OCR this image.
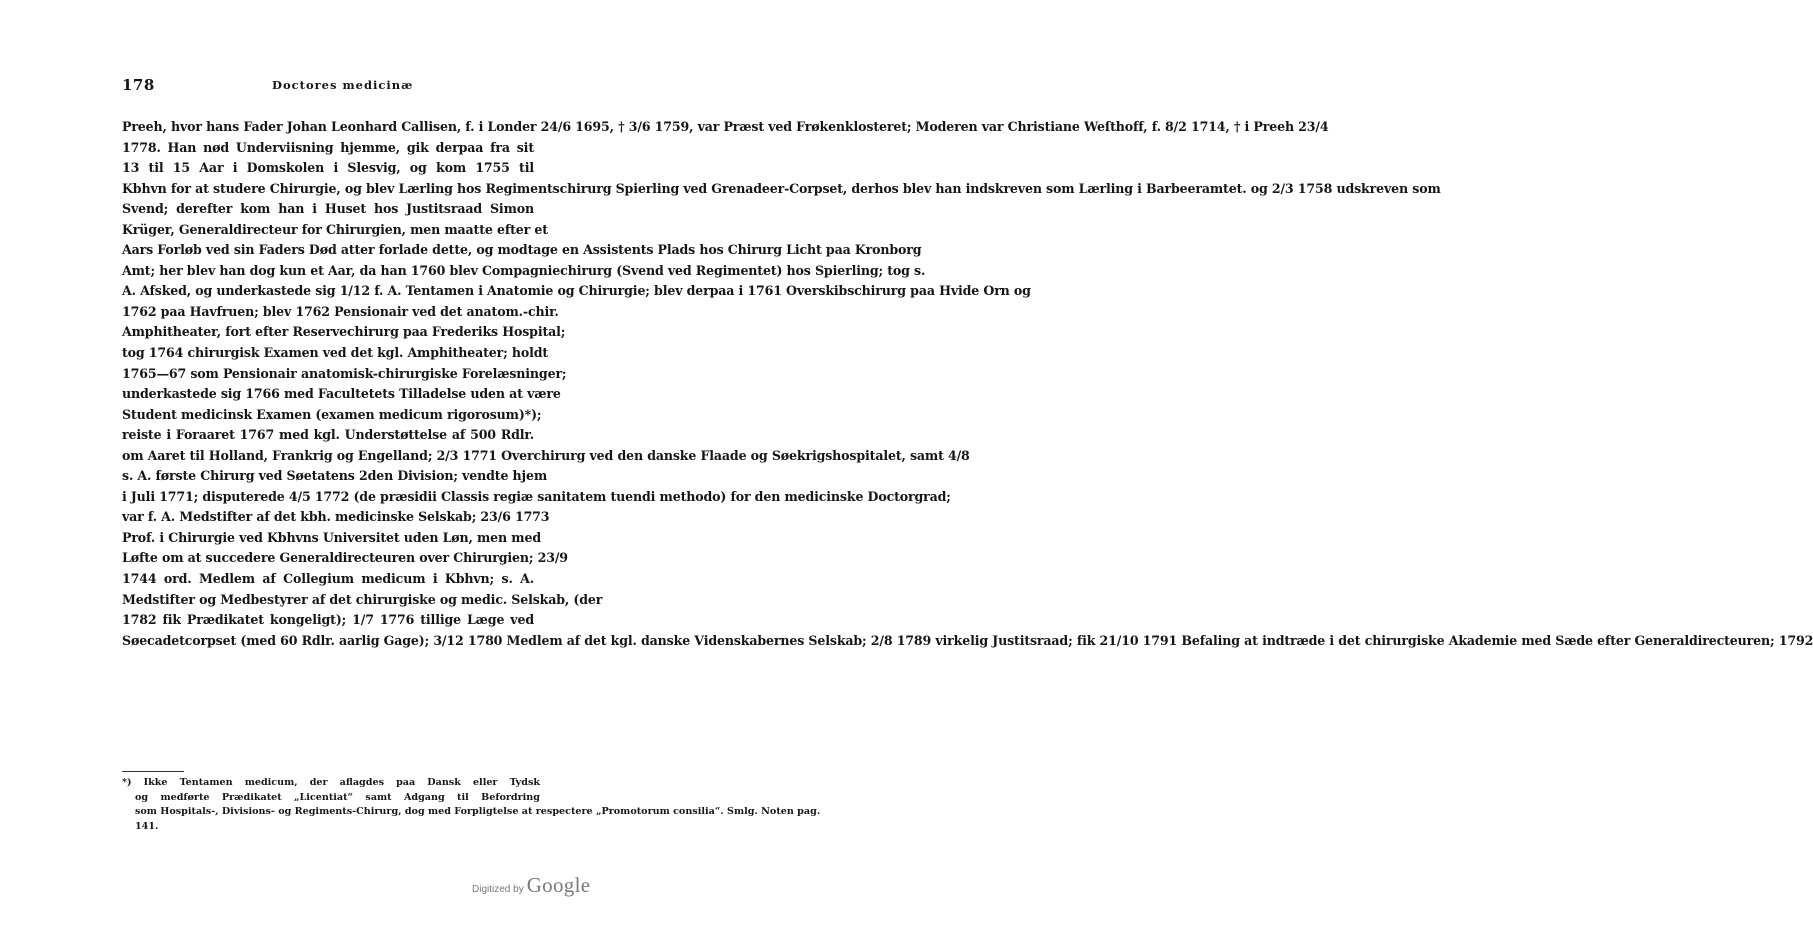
178	Doctores medicinæ
Preeh, hvor hans Fader Johan Leonhard Callisen, f. i Londer 24/6 1695, † 3/6 1759, var Præst ved Frøkenklosteret; Moderen var Christiane Weſthoff, f. 8/2 1714, † i Preeh 23/4
1778. Han nød Underviisning hjemme, gik derpaa fra sit
13 til 15 Aar i Domskolen i Slesvig, og kom 1755 til
Kbhvn for at studere Chirurgie, og blev Lærling hos Regimentschirurg Spierling ved Grenadeer-Corpset, derhos blev han indskreven som Lærling i Barbeeramtet. og 2/3 1758 udskreven som
Svend; derefter kom han i Huset hos Justitsraad Simon
Krüger, Generaldirecteur for Chirurgien, men maatte efter et
Aars Forløb ved sin Faders Død atter forlade dette, og modtage en Assistents Plads hos Chirurg Licht paa Kronborg
Amt; her blev han dog kun et Aar, da han 1760 blev Compagniechirurg (Svend ved Regimentet) hos Spierling; tog s.
A. Afsked, og underkastede sig 1/12 f. A. Tentamen i Anatomie og Chirurgie; blev derpaa i 1761 Overskibschirurg paa Hvide Orn og
1762 paa Havfruen; blev 1762 Pensionair ved det anatom.-chir.
Amphitheater, fort efter Reservechirurg paa Frederiks Hospital;
tog 1764 chirurgisk Examen ved det kgl. Amphitheater; holdt
1765—67 som Pensionair anatomisk-chirurgiske Forelæsninger;
underkastede sig 1766 med Facultetets Tilladelse uden at være
Student medicinsk Examen (examen medicum rigorosum)*);
reiste i Foraaret 1767 med kgl. Understøttelse af 500 Rdlr.
om Aaret til Holland, Frankrig og Engelland; 2/3 1771 Overchirurg ved den danske Flaade og Søekrigshospitalet, samt 4/8
s. A. første Chirurg ved Søetatens 2den Division; vendte hjem
i Juli 1771; disputerede 4/5 1772 (de præsidii Classis regiæ sanitatem tuendi methodo) for den medicinske Doctorgrad;
var f. A. Medstifter af det kbh. medicinske Selskab; 23/6 1773
Prof. i Chirurgie ved Kbhvns Universitet uden Løn, men med
Løfte om at succedere Generaldirecteuren over Chirurgien; 23/9
1744 ord. Medlem af Collegium medicum i Kbhvn; s. A.
Medstifter og Medbestyrer af det chirurgiske og medic. Selskab, (der
1782 fik Prædikatet kongeligt); 1/7 1776 tillige Læge ved
Søecadetcorpset (med 60 Rdlr. aarlig Gage); 3/12 1780 Medlem af det kgl. danske Videnskabernes Selskab; 2/8 1789 virkelig Justitsraad; fik 21/10 1791 Befaling at indtræde i det chirurgiske Akademie med Sæde efter Generaldirecteuren; 1792
*) Ikke Tentamen medicum, der aflagdes paa Dansk eller Tydsk
og medførte Prædikatet „Licentiat“ samt Adgang til Befordring
som Hospitals-, Divisions- og Regiments-Chirurg, dog med Forpligtelse at respectere „Promotorum consilia“. Smlg. Noten pag.
141.
Digitized by Google
